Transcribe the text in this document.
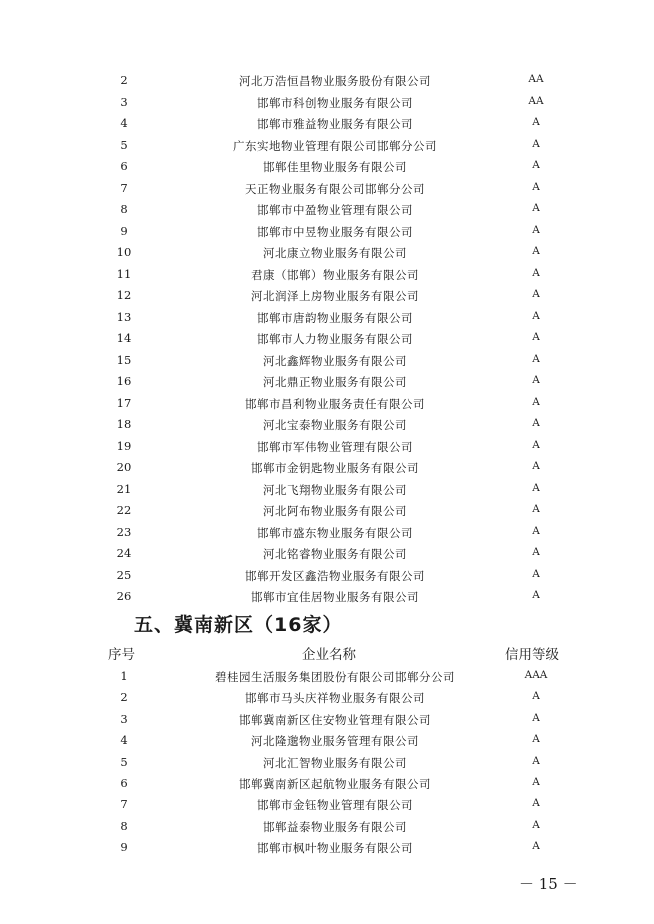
2	河北万浩恒昌物业服务股份有限公司	AA
3	邯郸市科创物业服务有限公司	AA
4	邯郸市雅益物业服务有限公司	A
5	广东实地物业管理有限公司邯郸分公司	A
6	邯郸佳里物业服务有限公司	A
7	天正物业服务有限公司邯郸分公司	A
8	邯郸市中盈物业管理有限公司	A
9	邯郸市中昱物业服务有限公司	A
10	河北康立物业服务有限公司	A
11	君康（邯郸）物业服务有限公司	A
12	河北润泽上房物业服务有限公司	A
13	邯郸市唐韵物业服务有限公司	A
14	邯郸市人力物业服务有限公司	A
15	河北鑫辉物业服务有限公司	A
16	河北鼎正物业服务有限公司	A
17	邯郸市昌利物业服务责任有限公司	A
18	河北宝泰物业服务有限公司	A
19	邯郸市军伟物业管理有限公司	A
20	邯郸市金钥匙物业服务有限公司	A
21	河北飞翔物业服务有限公司	A
22	河北阿布物业服务有限公司	A
23	邯郸市盛东物业服务有限公司	A
24	河北铭睿物业服务有限公司	A
25	邯郸开发区鑫浩物业服务有限公司	A
26	邯郸市宜佳居物业服务有限公司	A
五、冀南新区（16家）
序号	企业名称	信用等级
1	碧桂园生活服务集团股份有限公司邯郸分公司	AAA
2	邯郸市马头庆祥物业服务有限公司	A
3	邯郸冀南新区住安物业管理有限公司	A
4	河北隆邈物业服务管理有限公司	A
5	河北汇智物业服务有限公司	A
6	邯郸冀南新区起航物业服务有限公司	A
7	邯郸市金钰物业管理有限公司	A
8	邯郸益泰物业服务有限公司	A
9	邯郸市枫叶物业服务有限公司	A
－ 15 －
